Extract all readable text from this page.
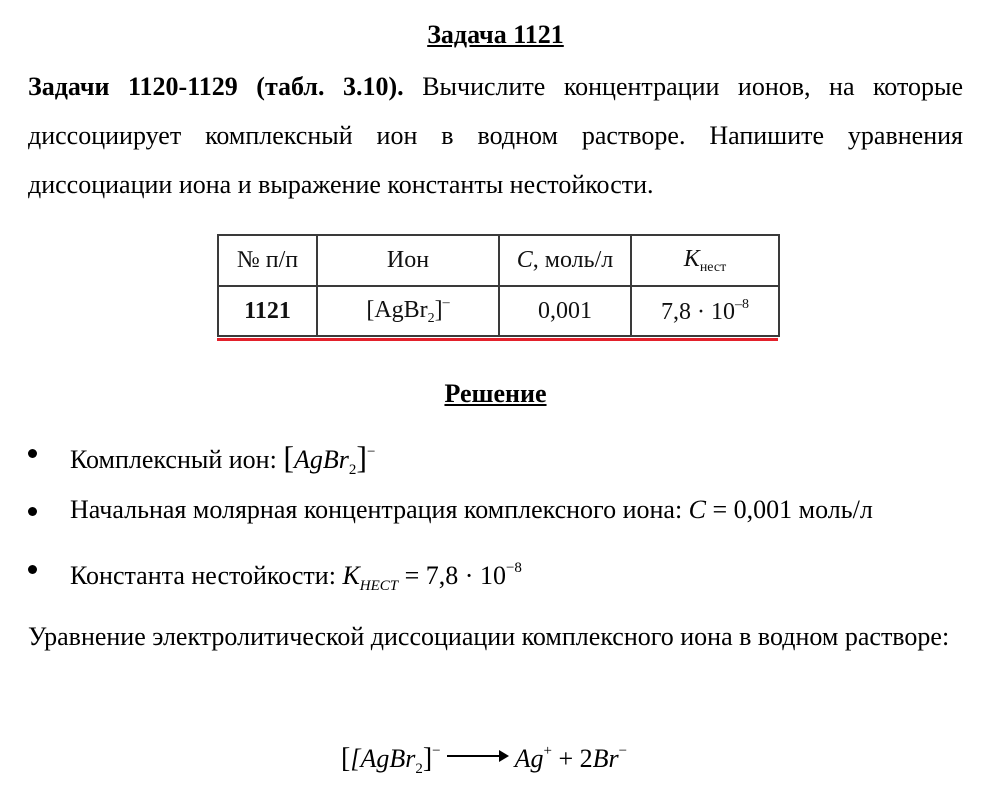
Задача 1121
Задачи 1120-1129 (табл. 3.10). Вычислите концентрации ионов, на которые диссоциирует комплексный ион в водном растворе. Напишите уравнения диссоциации иона и выражение константы нестойкости.
№ п/п	Ион	C, моль/л	$K_{нест}$
1121	[AgBr$_2$]–	0,001	$7,8 \cdot 10^{-8}$
Решение
Комплексный ион: [AgBr$_2$]−
Начальная молярная концентрация комплексного иона: C = 0,001 моль/л
Константа нестойкости: $K_{НЕСТ} = 7,8 \cdot 10^{-8}$
Уравнение электролитической диссоциации комплексного иона в водном растворе:
[[AgBr$_2$]−	Ag+ + 2Br−
